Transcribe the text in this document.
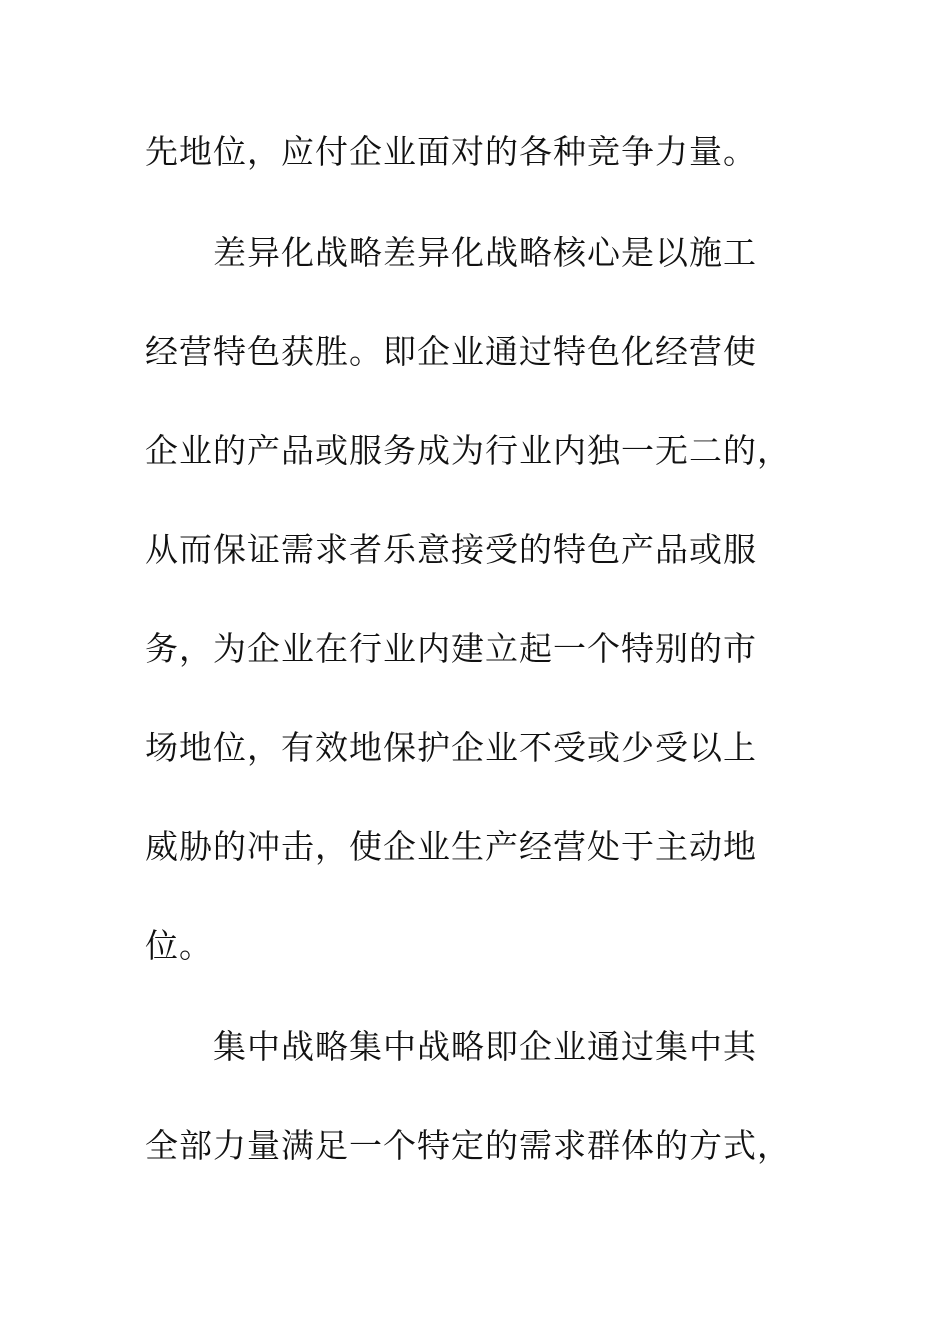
先地位，应付企业面对的各种竞争力量。
差异化战略差异化战略核心是以施工
经营特色获胜。即企业通过特色化经营使
企业的产品或服务成为行业内独一无二的，
从而保证需求者乐意接受的特色产品或服
务，为企业在行业内建立起一个特别的市
场地位，有效地保护企业不受或少受以上
威胁的冲击，使企业生产经营处于主动地
位。
集中战略集中战略即企业通过集中其
全部力量满足一个特定的需求群体的方式，
